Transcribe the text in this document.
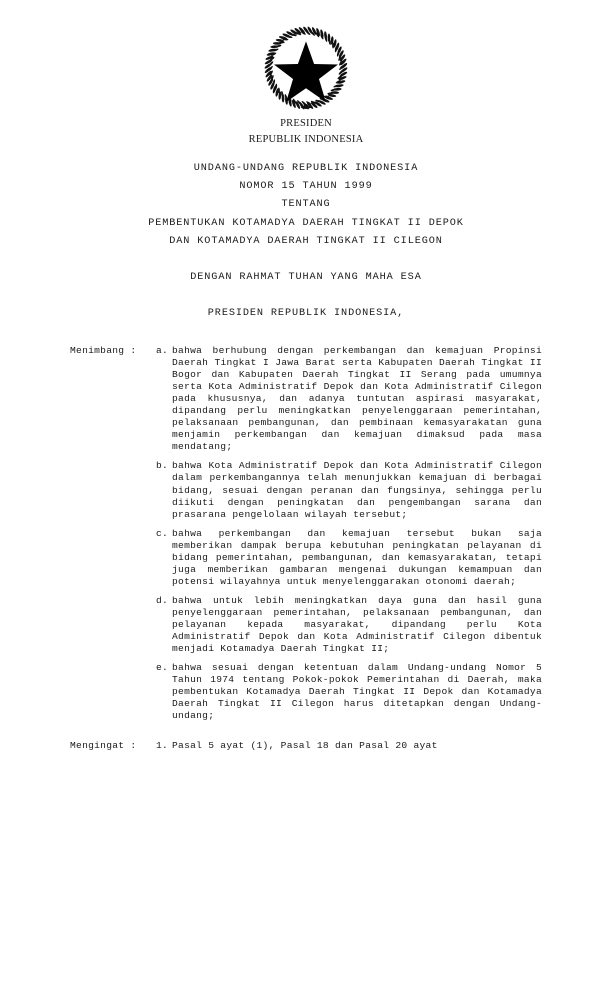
PRESIDEN
REPUBLIK INDONESIA
UNDANG-UNDANG REPUBLIK INDONESIA
NOMOR 15 TAHUN 1999
TENTANG
PEMBENTUKAN KOTAMADYA DAERAH TINGKAT II DEPOK
DAN KOTAMADYA DAERAH TINGKAT II CILEGON
DENGAN RAHMAT TUHAN YANG MAHA ESA
PRESIDEN REPUBLIK INDONESIA,
Menimbang :	a. bahwa berhubung dengan perkembangan dan kemajuan Propinsi Daerah Tingkat I Jawa Barat serta Kabupaten Daerah Tingkat II Bogor dan Kabupaten Daerah Tingkat II Serang pada umumnya serta Kota Administratif Depok dan Kota Administratif Cilegon pada khususnya, dan adanya tuntutan aspirasi masyarakat, dipandang perlu meningkatkan penyelenggaraan pemerintahan, pelaksanaan pembangunan, dan pembinaan kemasyarakatan guna menjamin perkembangan dan kemajuan dimaksud pada masa mendatang;
b. bahwa Kota Administratif Depok dan Kota Administratif Cilegon dalam perkembangannya telah menunjukkan kemajuan di berbagai bidang, sesuai dengan peranan dan fungsinya, sehingga perlu diikuti dengan peningkatan dan pengembangan sarana dan prasarana pengelolaan wilayah tersebut;
c. bahwa perkembangan dan kemajuan tersebut bukan saja memberikan dampak berupa kebutuhan peningkatan pelayanan di bidang pemerintahan, pembangunan, dan kemasyarakatan, tetapi juga memberikan gambaran mengenai dukungan kemampuan dan potensi wilayahnya untuk menyelenggarakan otonomi daerah;
d. bahwa untuk lebih meningkatkan daya guna dan hasil guna penyelenggaraan pemerintahan, pelaksanaan pembangunan, dan pelayanan kepada masyarakat, dipandang perlu Kota Administratif Depok dan Kota Administratif Cilegon dibentuk menjadi Kotamadya Daerah Tingkat II;
e. bahwa sesuai dengan ketentuan dalam Undang-undang Nomor 5 Tahun 1974 tentang Pokok-pokok Pemerintahan di Daerah, maka pembentukan Kotamadya Daerah Tingkat II Depok dan Kotamadya Daerah Tingkat II Cilegon harus ditetapkan dengan Undang-undang;
Mengingat :	1. Pasal 5 ayat (1), Pasal 18 dan Pasal 20 ayat
